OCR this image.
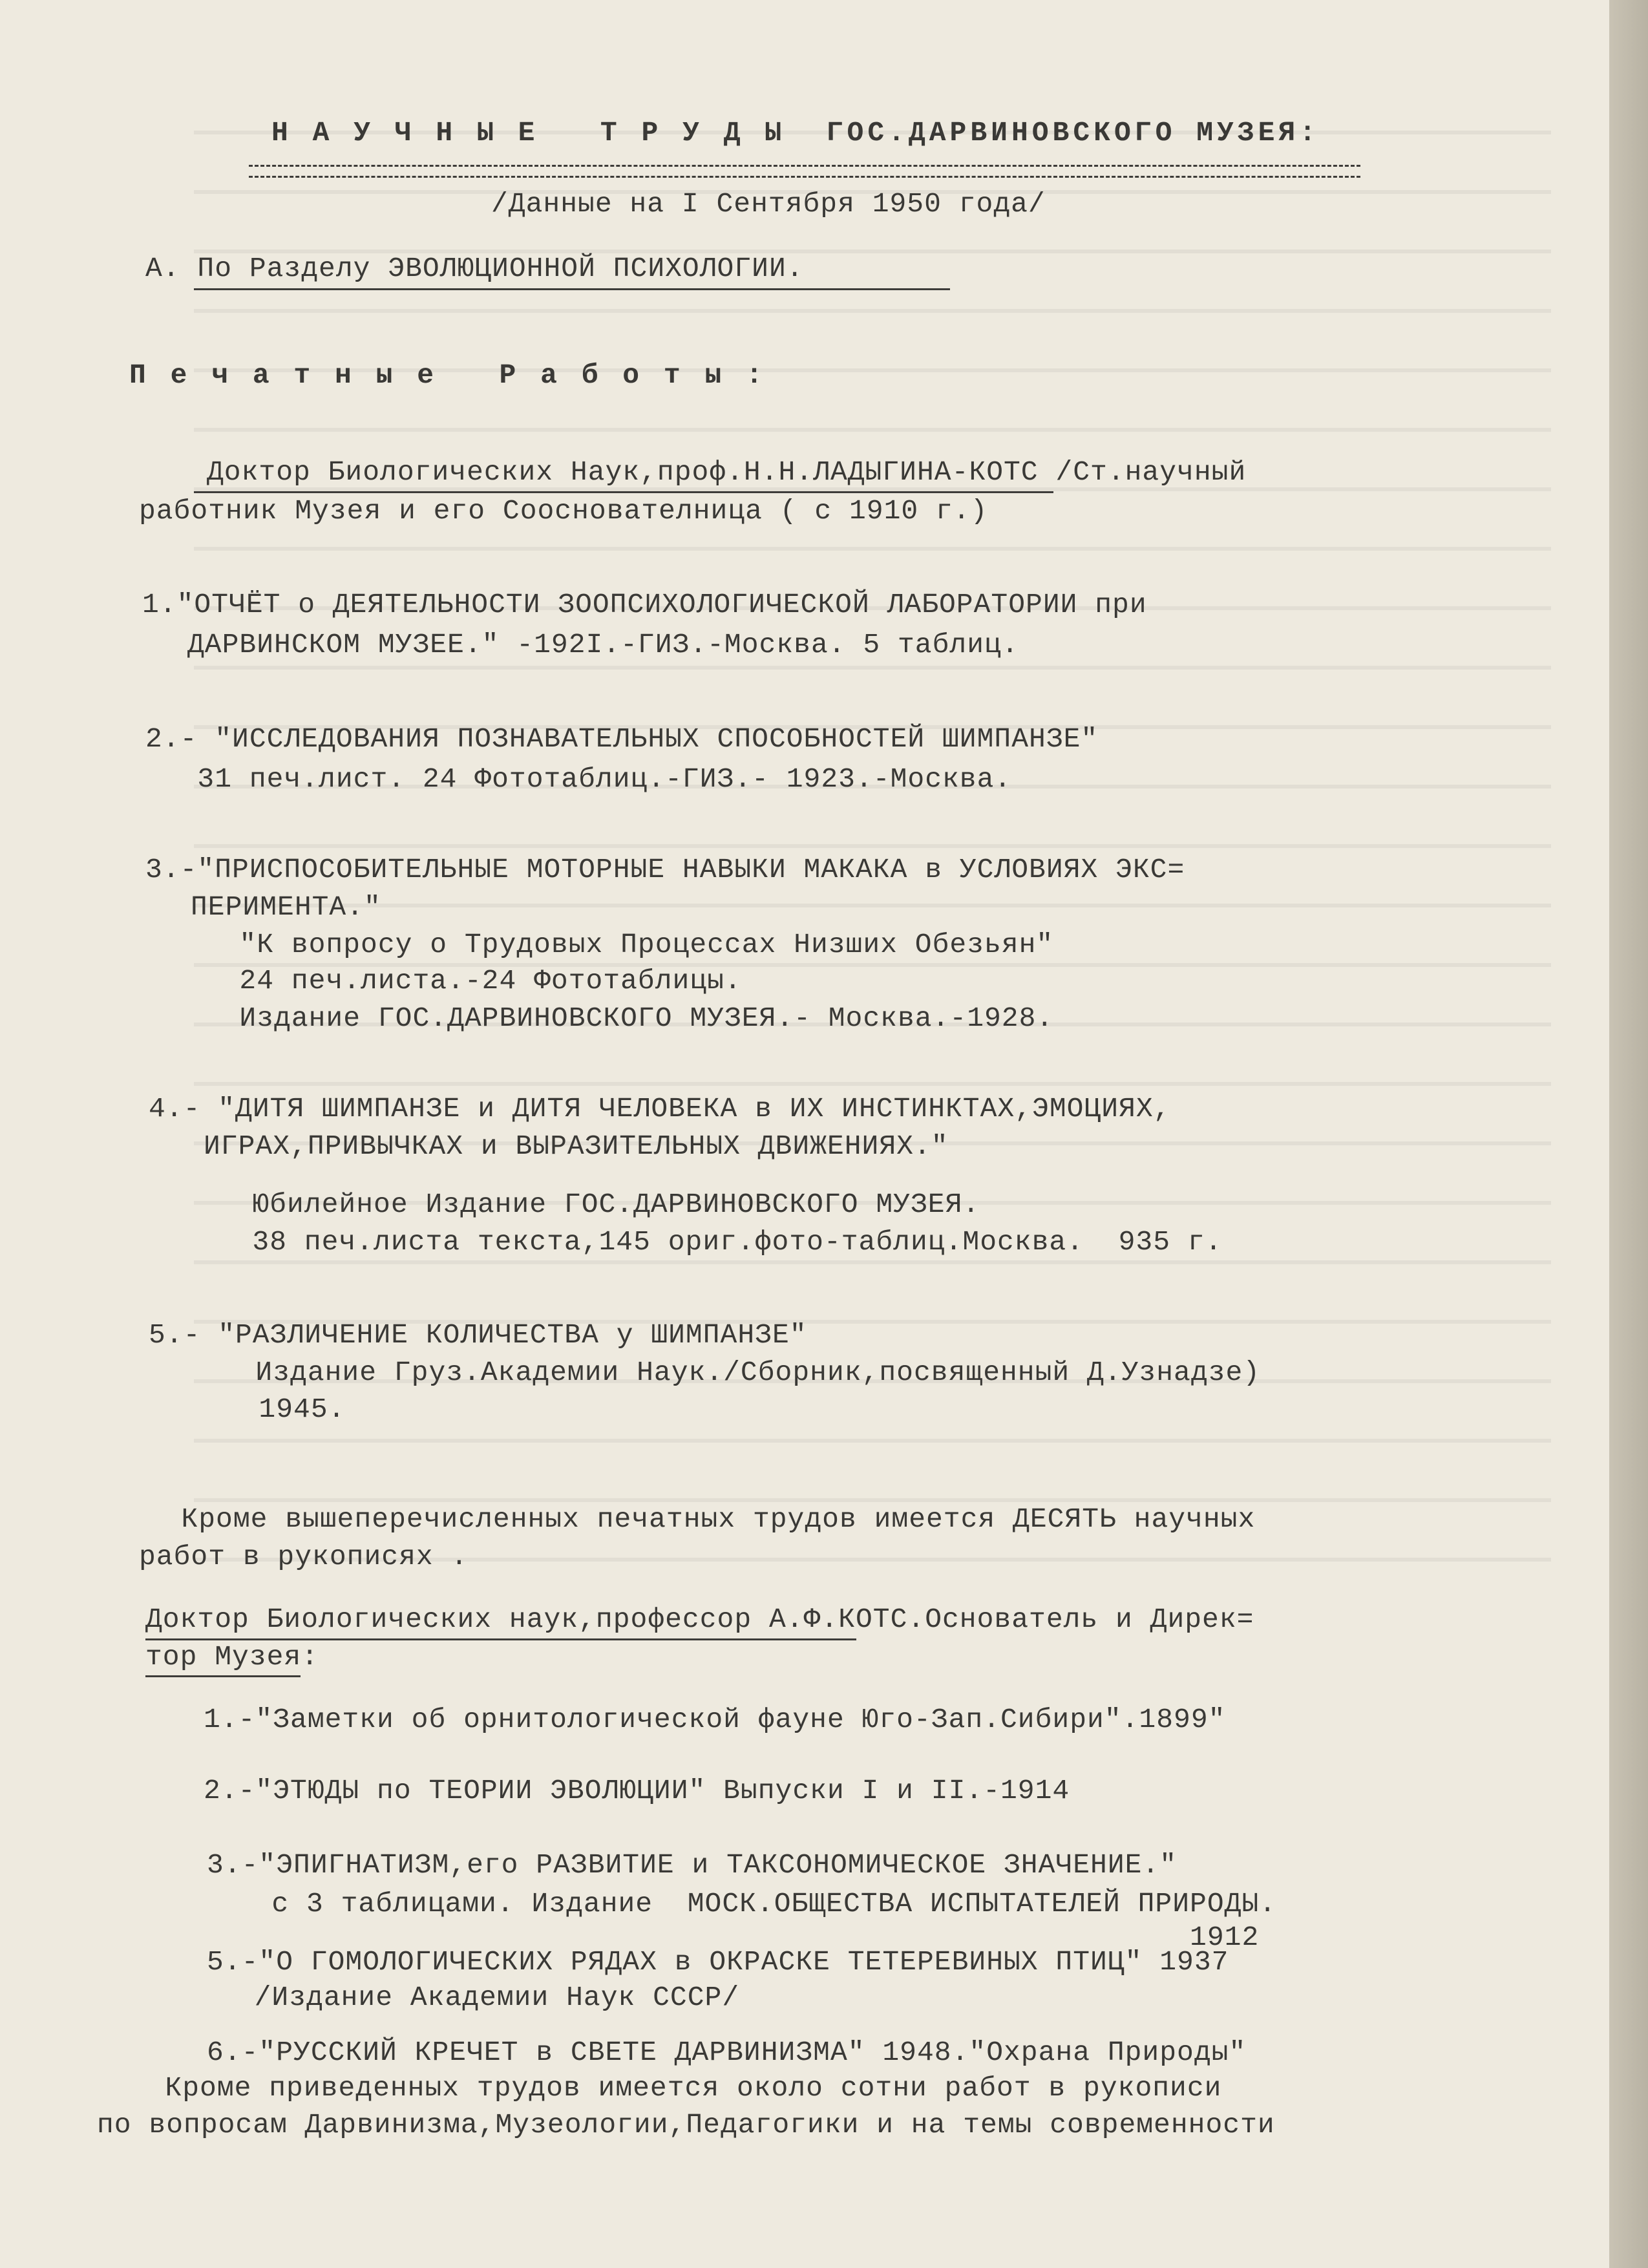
Н А У Ч Н Ы Е   Т Р У Д Ы  ГОС.ДАРВИНОВСКОГО МУЗЕЯ:
/Данные на I Сентября 1950 года/
А. По Разделу ЭВОЛЮЦИОННОЙ ПСИХОЛОГИИ.
П е ч а т н ы е   Р а б о т ы :
Доктор Биологических Наук,проф.Н.Н.ЛАДЫГИНА-КОТС /Ст.научный
работник Музея и его Сооснователница ( с 1910 г.)
1."ОТЧЁТ о ДЕЯТЕЛЬНОСТИ ЗООПСИХОЛОГИЧЕСКОЙ ЛАБОРАТОРИИ при
ДАРВИНСКОМ МУЗЕЕ." -192I.-ГИЗ.-Москва. 5 таблиц.
2.- "ИССЛЕДОВАНИЯ ПОЗНАВАТЕЛЬНЫХ СПОСОБНОСТЕЙ ШИМПАНЗЕ"
31 печ.лист. 24 Фототаблиц.-ГИЗ.- 1923.-Москва.
3.-"ПРИСПОСОБИТЕЛЬНЫЕ МОТОРНЫЕ НАВЫКИ МАКАКА в УСЛОВИЯХ ЭКС=
ПЕРИМЕНТА."
"К вопросу о Трудовых Процессах Низших Обезьян"
24 печ.листа.-24 Фототаблицы.
Издание ГОС.ДАРВИНОВСКОГО МУЗЕЯ.- Москва.-1928.
4.- "ДИТЯ ШИМПАНЗЕ и ДИТЯ ЧЕЛОВЕКА в ИХ ИНСТИНКТАХ,ЭМОЦИЯХ,
ИГРАХ,ПРИВЫЧКАХ и ВЫРАЗИТЕЛЬНЫХ ДВИЖЕНИЯХ."
Юбилейное Издание ГОС.ДАРВИНОВСКОГО МУЗЕЯ.
38 печ.листа текста,145 ориг.фото-таблиц.Москва.  935 г.
5.- "РАЗЛИЧЕНИЕ КОЛИЧЕСТВА у ШИМПАНЗЕ"
Издание Груз.Академии Наук./Сборник,посвященный Д.Узнадзе)
1945.
Кроме вышеперечисленных печатных трудов имеется ДЕСЯТЬ научных
работ в рукописях .
Доктор Биологических наук,профессор А.Ф.КОТС.Основатель и Дирек=
тор Музея:
1.-"Заметки об орнитологической фауне Юго-Зап.Сибири".1899"
2.-"ЭТЮДЫ по ТЕОРИИ ЭВОЛЮЦИИ" Выпуски I и II.-1914
3.-"ЭПИГНАТИЗМ,его РАЗВИТИЕ и ТАКСОНОМИЧЕСКОЕ ЗНАЧЕНИЕ."
с 3 таблицами. Издание  МОСК.ОБЩЕСТВА ИСПЫТАТЕЛЕЙ ПРИРОДЫ.
1912
5.-"О ГОМОЛОГИЧЕСКИХ РЯДАХ в ОКРАСКЕ ТЕТЕРЕВИНЫХ ПТИЦ" 1937
/Издание Академии Наук СССР/
6.-"РУССКИЙ КРЕЧЕТ в СВЕТЕ ДАРВИНИЗМА" 1948."Охрана Природы"
Кроме приведенных трудов имеется около сотни работ в рукописи
по вопросам Дарвинизма,Музеологии,Педагогики и на темы современности
